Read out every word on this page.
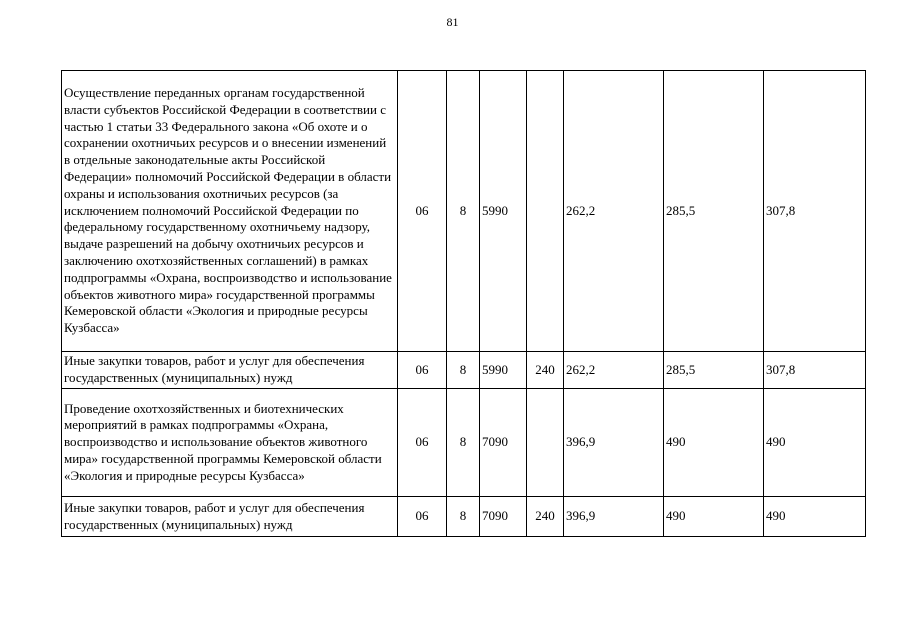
81
Осуществление переданных органам государственной власти субъектов Российской Федерации в соответствии с частью 1 статьи 33 Федерального закона «Об охоте и о сохранении охотничьих ресурсов и о внесении изменений в отдельные законодательные акты Российской Федерации» полномочий Российской Федерации в области охраны и использования охотничьих ресурсов (за исключением полномочий Российской Федерации по федеральному государственному охотничьему надзору, выдаче разрешений на добычу охотничьих ресурсов и заключению охотхозяйственных соглашений) в рамках подпрограммы «Охрана, воспроизводство и использование объектов животного мира» государственной программы Кемеровской области «Экология и природные ресурсы Кузбасса»	06	8	5990		262,2	285,5	307,8
Иные закупки товаров, работ и услуг для обеспечения государственных (муниципальных) нужд	06	8	5990	240	262,2	285,5	307,8
Проведение охотхозяйственных и биотехнических мероприятий в рамках подпрограммы «Охрана, воспроизводство и использование объектов животного мира» государственной программы Кемеровской области «Экология и природные ресурсы Кузбасса»	06	8	7090		396,9	490	490
Иные закупки товаров, работ и услуг для обеспечения государственных (муниципальных) нужд	06	8	7090	240	396,9	490	490
